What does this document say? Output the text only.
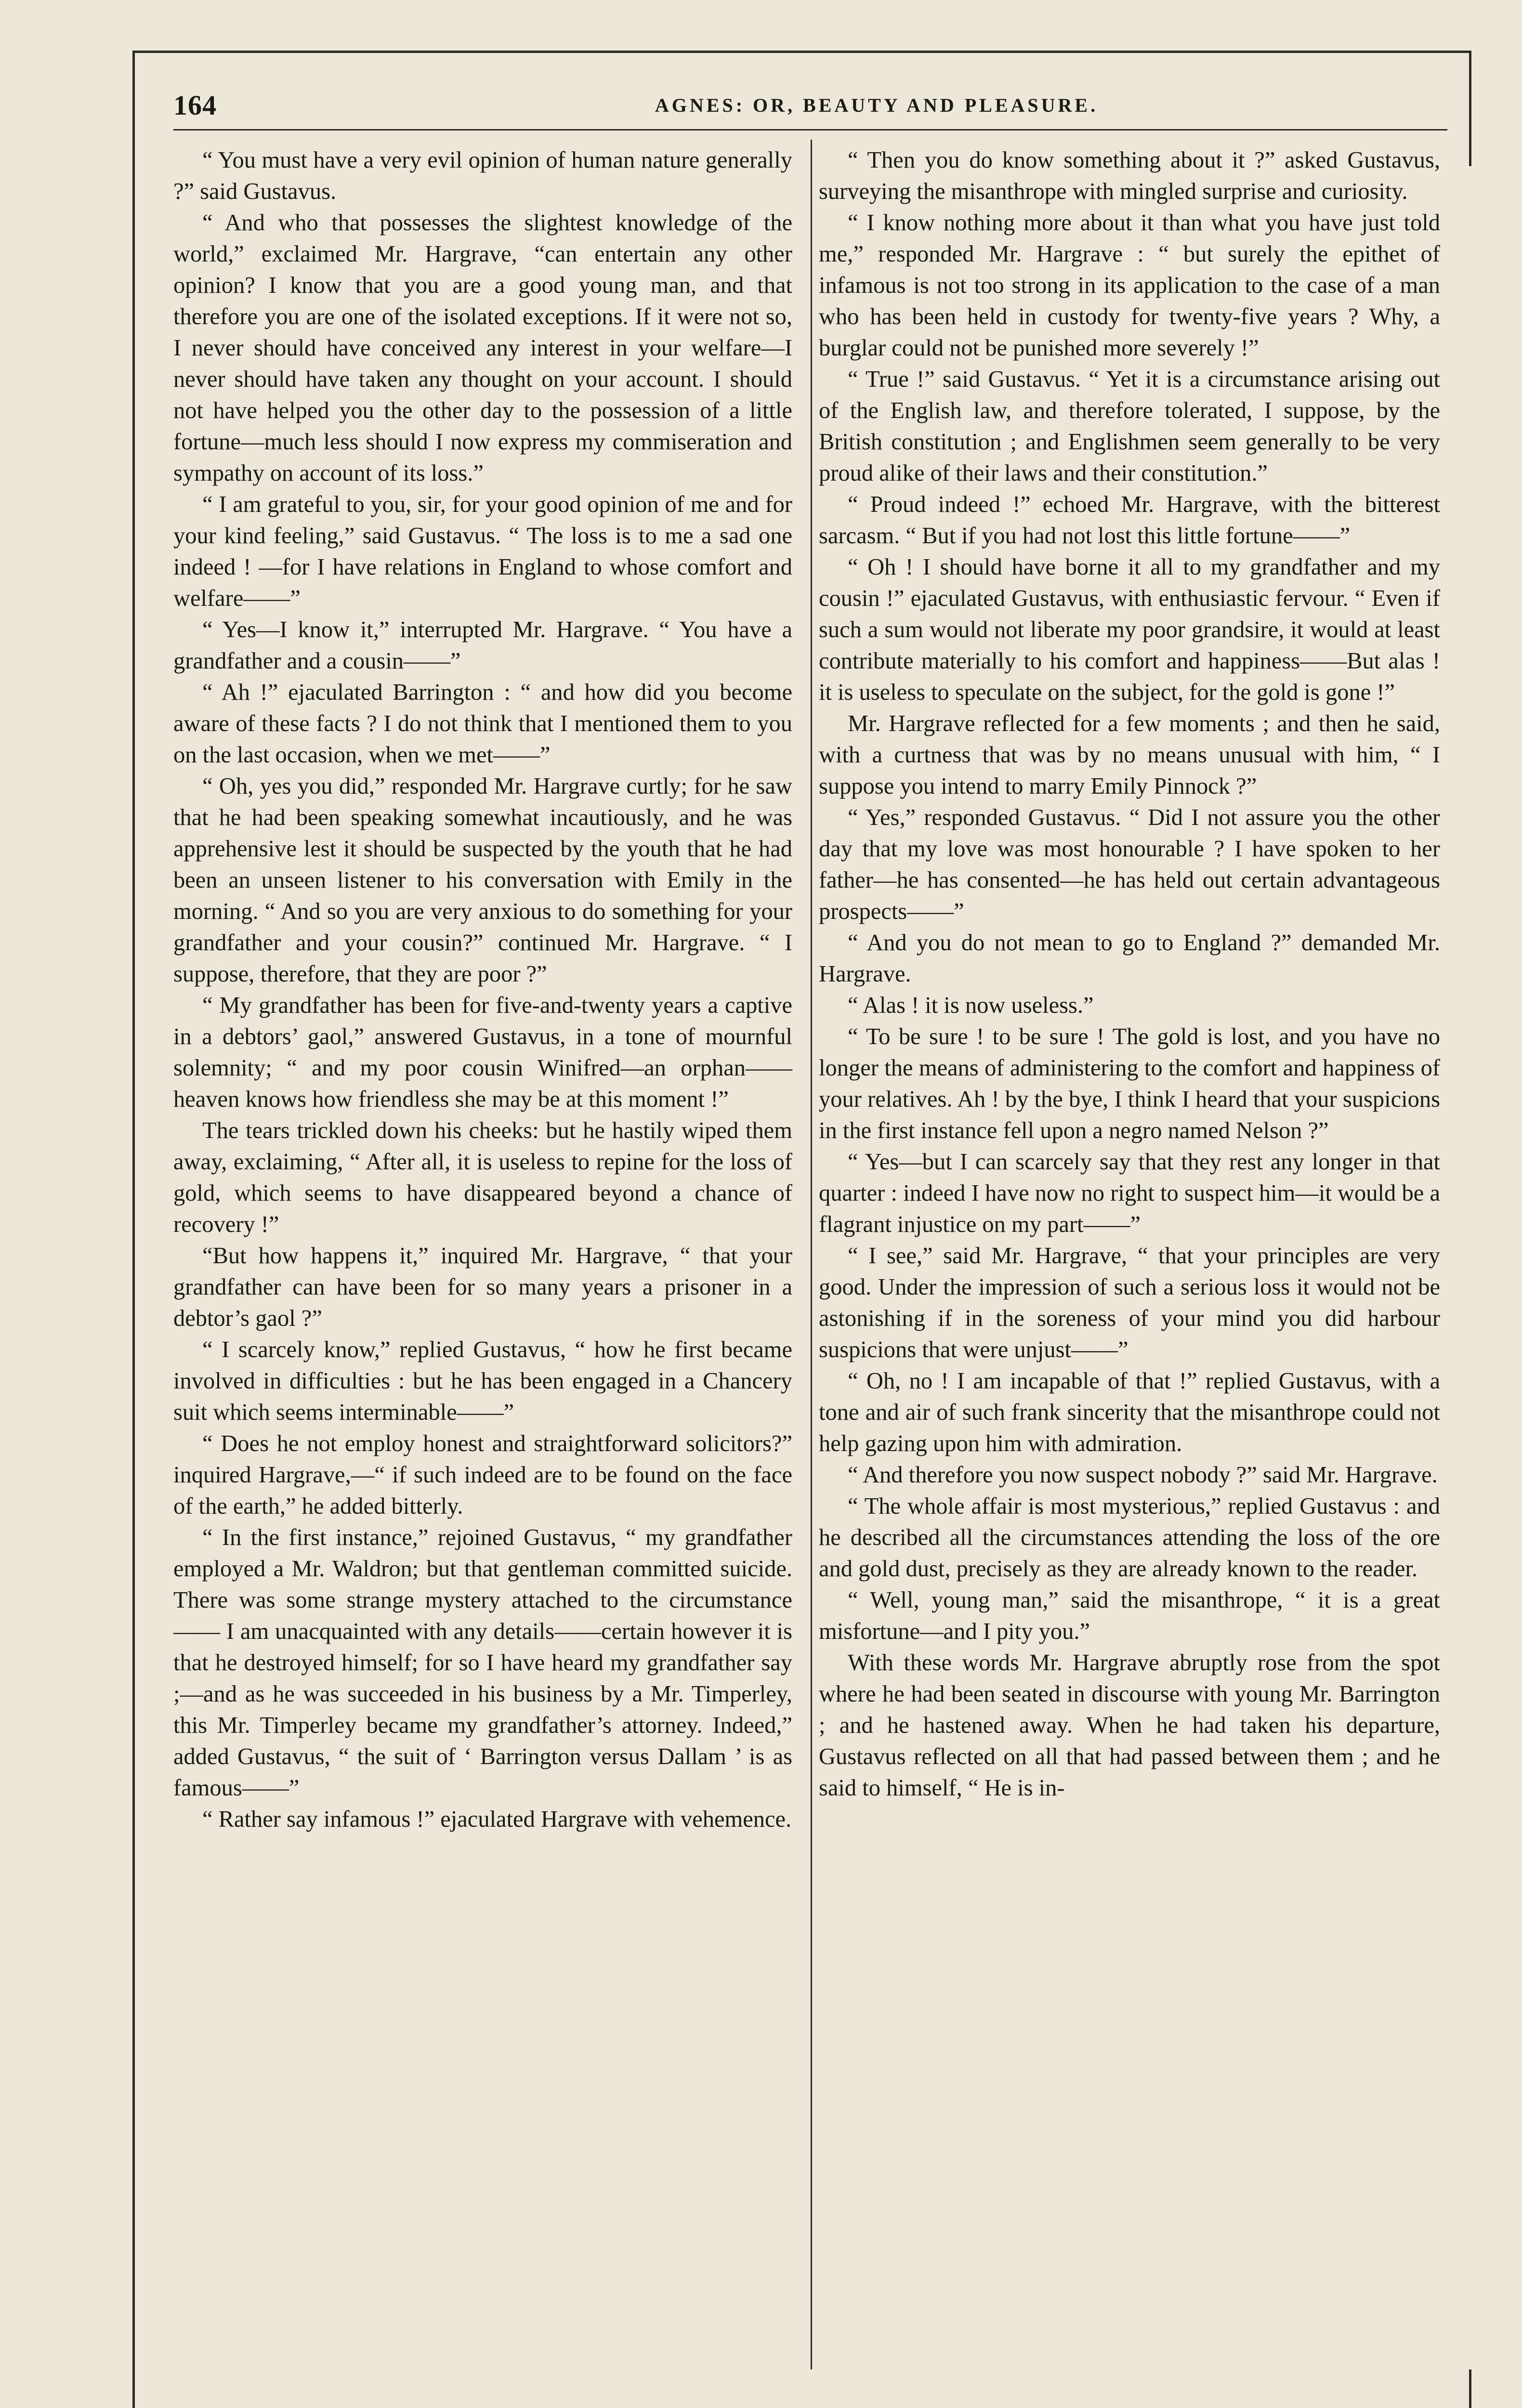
164	AGNES: OR, BEAUTY AND PLEASURE.

“ You must have a very evil opinion of human nature generally ?” said Gustavus.

“ And who that possesses the slightest knowledge of the world,” exclaimed Mr. Hargrave, “can entertain any other opinion? I know that you are a good young man, and that therefore you are one of the isolated exceptions. If it were not so, I never should have conceived any interest in your welfare—I never should have taken any thought on your account. I should not have helped you the other day to the possession of a little fortune—much less should I now express my commiseration and sympathy on account of its loss.”

“ I am grateful to you, sir, for your good opinion of me and for your kind feeling,” said Gustavus. “ The loss is to me a sad one indeed ! —for I have relations in England to whose comfort and welfare——”

“ Yes—I know it,” interrupted Mr. Hargrave. “ You have a grandfather and a cousin——”

“ Ah !” ejaculated Barrington : “ and how did you become aware of these facts ? I do not think that I mentioned them to you on the last occasion, when we met——”

“ Oh, yes you did,” responded Mr. Hargrave curtly; for he saw that he had been speaking somewhat incautiously, and he was apprehensive lest it should be suspected by the youth that he had been an unseen listener to his conversation with Emily in the morning. “ And so you are very anxious to do something for your grandfather and your cousin?” continued Mr. Hargrave. “ I suppose, therefore, that they are poor ?”

“ My grandfather has been for five-and-twenty years a captive in a debtors’ gaol,” answered Gustavus, in a tone of mournful solemnity; “ and my poor cousin Winifred—an orphan——heaven knows how friendless she may be at this moment !”

The tears trickled down his cheeks: but he hastily wiped them away, exclaiming, “ After all, it is useless to repine for the loss of gold, which seems to have disappeared beyond a chance of recovery !”

“But how happens it,” inquired Mr. Hargrave, “ that your grandfather can have been for so many years a prisoner in a debtor’s gaol ?”

“ I scarcely know,” replied Gustavus, “ how he first became involved in difficulties : but he has been engaged in a Chancery suit which seems interminable——”

“ Does he not employ honest and straightforward solicitors?” inquired Hargrave,—“ if such indeed are to be found on the face of the earth,” he added bitterly.

“ In the first instance,” rejoined Gustavus, “ my grandfather employed a Mr. Waldron; but that gentleman committed suicide. There was some strange mystery attached to the circumstance—— I am unacquainted with any details——certain however it is that he destroyed himself; for so I have heard my grandfather say ;—and as he was succeeded in his business by a Mr. Timperley, this Mr. Timperley became my grandfather’s attorney. Indeed,” added Gustavus, “ the suit of ‘ Barrington versus Dallam ’ is as famous——”

“ Rather say infamous !” ejaculated Hargrave with vehemence.

“ Then you do know something about it ?” asked Gustavus, surveying the misanthrope with mingled surprise and curiosity.

“ I know nothing more about it than what you have just told me,” responded Mr. Hargrave : “ but surely the epithet of infamous is not too strong in its application to the case of a man who has been held in custody for twenty-five years ? Why, a burglar could not be punished more severely !”

“ True !” said Gustavus. “ Yet it is a circumstance arising out of the English law, and therefore tolerated, I suppose, by the British constitution ; and Englishmen seem generally to be very proud alike of their laws and their constitution.”

“ Proud indeed !” echoed Mr. Hargrave, with the bitterest sarcasm. “ But if you had not lost this little fortune——”

“ Oh ! I should have borne it all to my grandfather and my cousin !” ejaculated Gustavus, with enthusiastic fervour. “ Even if such a sum would not liberate my poor grandsire, it would at least contribute materially to his comfort and happiness——But alas ! it is useless to speculate on the subject, for the gold is gone !”

Mr. Hargrave reflected for a few moments ; and then he said, with a curtness that was by no means unusual with him, “ I suppose you intend to marry Emily Pinnock ?”

“ Yes,” responded Gustavus. “ Did I not assure you the other day that my love was most honourable ? I have spoken to her father—he has consented—he has held out certain advantageous prospects——”

“ And you do not mean to go to England ?” demanded Mr. Hargrave.

“ Alas ! it is now useless.”

“ To be sure ! to be sure ! The gold is lost, and you have no longer the means of administering to the comfort and happiness of your relatives. Ah ! by the bye, I think I heard that your suspicions in the first instance fell upon a negro named Nelson ?”

“ Yes—but I can scarcely say that they rest any longer in that quarter : indeed I have now no right to suspect him—it would be a flagrant injustice on my part——”

“ I see,” said Mr. Hargrave, “ that your principles are very good. Under the impression of such a serious loss it would not be astonishing if in the soreness of your mind you did harbour suspicions that were unjust——”

“ Oh, no ! I am incapable of that !” replied Gustavus, with a tone and air of such frank sincerity that the misanthrope could not help gazing upon him with admiration.

“ And therefore you now suspect nobody ?” said Mr. Hargrave.

“ The whole affair is most mysterious,” replied Gustavus : and he described all the circumstances attending the loss of the ore and gold dust, precisely as they are already known to the reader.

“ Well, young man,” said the misanthrope, “ it is a great misfortune—and I pity you.”

With these words Mr. Hargrave abruptly rose from the spot where he had been seated in discourse with young Mr. Barrington ; and he hastened away. When he had taken his departure, Gustavus reflected on all that had passed between them ; and he said to himself, “ He is in-
